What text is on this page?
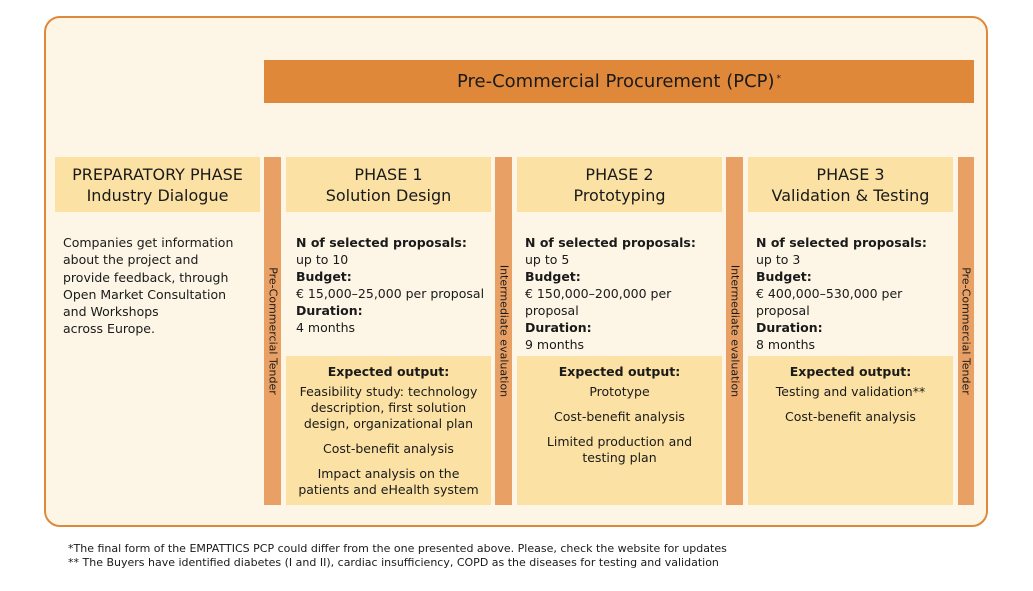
Pre-Commercial Procurement (PCP)*
PREPARATORY PHASE
Industry Dialogue
Companies get information
about the project and
provide feedback, through
Open Market Consultation
and Workshops
across Europe.	Pre-Commercial Tender	Intermediate evaluation	Intermediate evaluation	Pre-Commercial Tender
PHASE 1
Solution Design
N of selected proposals:
up to 10
Budget:
€ 15,000–25,000 per proposal
Duration:
4 months
Expected output:
Feasibility study: technology description, first solution design, organizational plan
Cost-benefit analysis
Impact analysis on the patients and eHealth system
PHASE 2
Prototyping
N of selected proposals:
up to 5
Budget:
€ 150,000–200,000 per proposal
Duration:
9 months
Expected output:
Prototype
Cost-benefit analysis
Limited production and testing plan
PHASE 3
Validation & Testing
N of selected proposals:
up to 3
Budget:
€ 400,000–530,000 per proposal
Duration:
8 months
Expected output:
Testing and validation**
Cost-benefit analysis
*The final form of the EMPATTICS PCP could differ from the one presented above. Please, check the website for updates
** The Buyers have identified diabetes (I and II), cardiac insufficiency, COPD as the diseases for testing and validation
